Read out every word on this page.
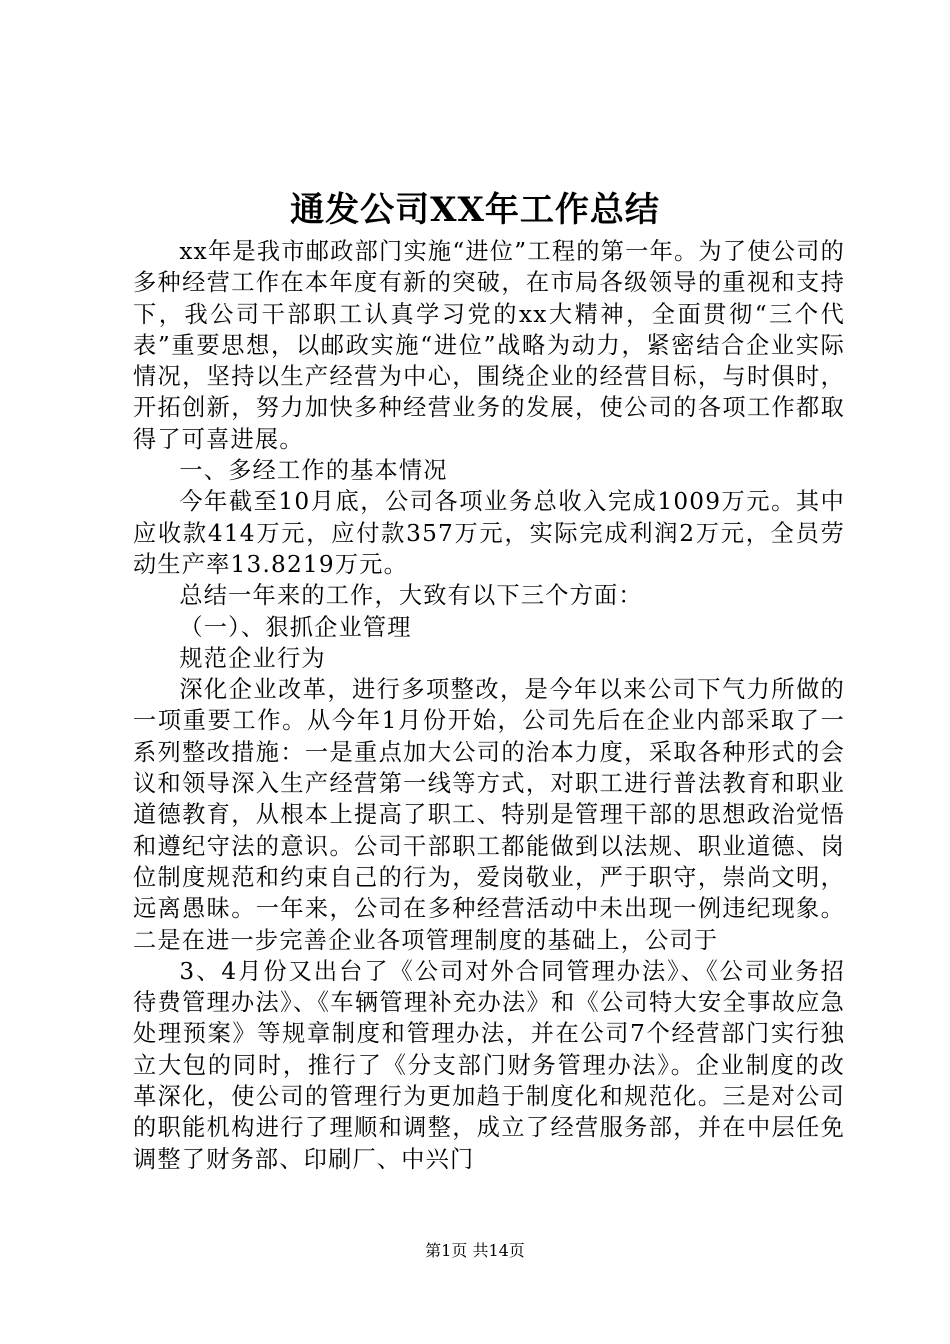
通发公司XX年工作总结

xx年是我市邮政部门实施“进位”工程的第一年。为了使公司的多种经营工作在本年度有新的突破，在市局各级领导的重视和支持下，我公司干部职工认真学习党的xx大精神，全面贯彻“三个代表”重要思想，以邮政实施“进位”战略为动力，紧密结合企业实际情况，坚持以生产经营为中心，围绕企业的经营目标，与时俱时，开拓创新，努力加快多种经营业务的发展，使公司的各项工作都取得了可喜进展。

一、多经工作的基本情况

今年截至10月底，公司各项业务总收入完成1009万元。其中应收款414万元，应付款357万元，实际完成利润2万元，全员劳动生产率13.8219万元。

总结一年来的工作，大致有以下三个方面：

（一）、狠抓企业管理

规范企业行为

深化企业改革，进行多项整改，是今年以来公司下气力所做的一项重要工作。从今年1月份开始，公司先后在企业内部采取了一系列整改措施：一是重点加大公司的治本力度，采取各种形式的会议和领导深入生产经营第一线等方式，对职工进行普法教育和职业道德教育，从根本上提高了职工、特别是管理干部的思想政治觉悟和遵纪守法的意识。公司干部职工都能做到以法规、职业道德、岗位制度规范和约束自己的行为，爱岗敬业，严于职守，崇尚文明，远离愚昧。一年来，公司在多种经营活动中未出现一例违纪现象。二是在进一步完善企业各项管理制度的基础上，公司于

3、4月份又出台了《公司对外合同管理办法》、《公司业务招待费管理办法》、《车辆管理补充办法》和《公司特大安全事故应急处理预案》等规章制度和管理办法，并在公司7个经营部门实行独立大包的同时，推行了《分支部门财务管理办法》。企业制度的改革深化，使公司的管理行为更加趋于制度化和规范化。三是对公司的职能机构进行了理顺和调整，成立了经营服务部，并在中层任免调整了财务部、印刷厂、中兴门

第1页 共14页
